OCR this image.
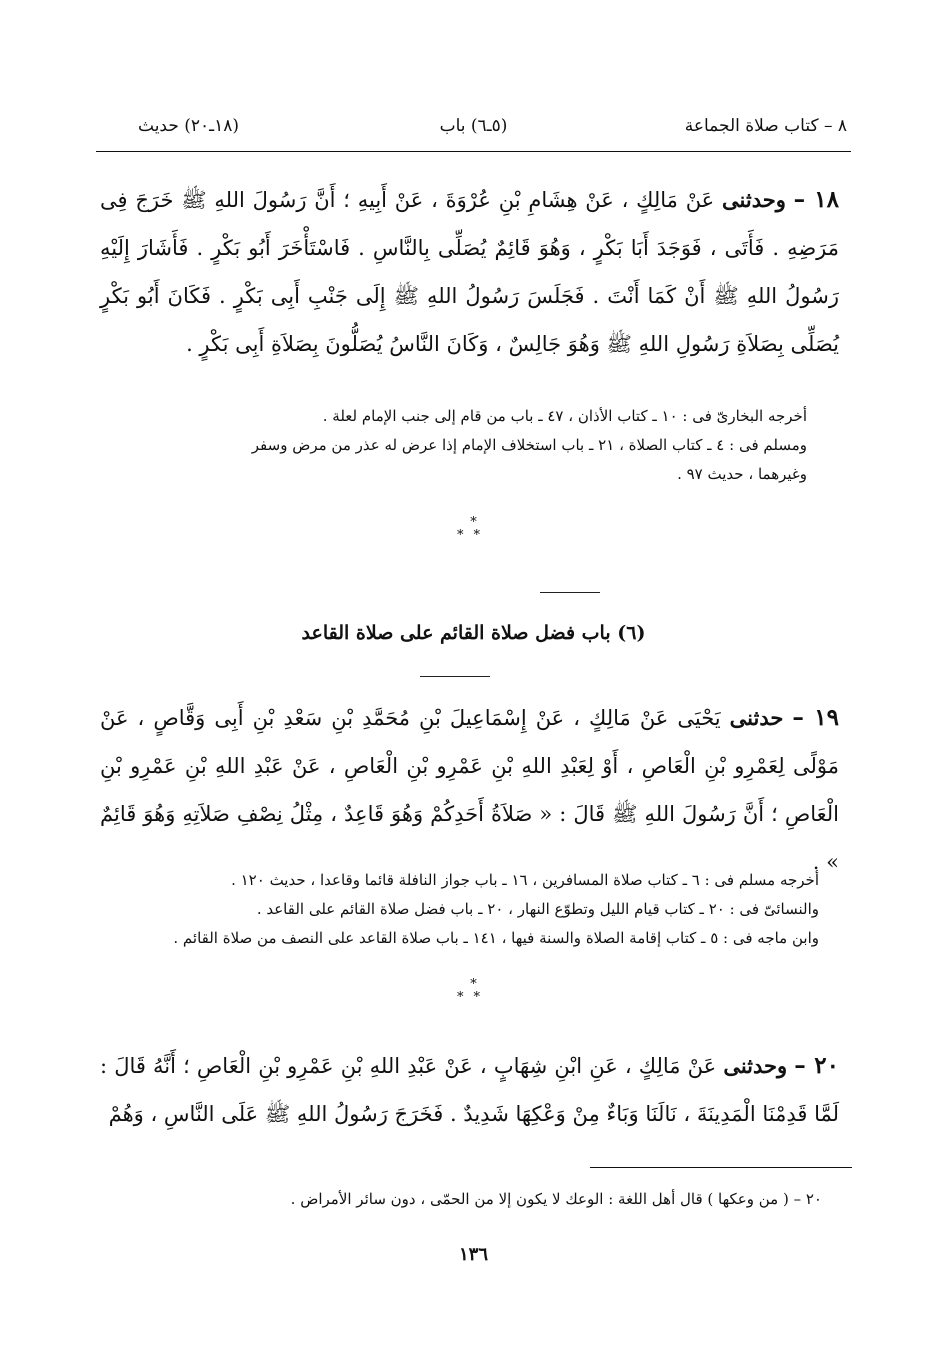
٨ – كتاب صلاة الجماعة
(٥ـ٦) باب
(١٨ـ٢٠) حديث

١٨ – وحدثنى عَنْ مَالِكٍ ، عَنْ هِشَامِ بْنِ عُرْوَةَ ، عَنْ أَبِيهِ ؛ أَنَّ رَسُولَ اللهِ ﷺ خَرَجَ فِى مَرَضِهِ . فَأَتَى ، فَوَجَدَ أَبَا بَكْرٍ ، وَهُوَ قَائِمٌ يُصَلِّى بِالنَّاسِ . فَاسْتَأْخَرَ أَبُو بَكْرٍ . فَأَشَارَ إِلَيْهِ رَسُولُ اللهِ ﷺ أَنْ كَمَا أَنْتَ . فَجَلَسَ رَسُولُ اللهِ ﷺ إِلَى جَنْبِ أَبِى بَكْرٍ . فَكَانَ أَبُو بَكْرٍ يُصَلِّى بِصَلاَةِ رَسُولِ اللهِ ﷺ وَهُوَ جَالِسٌ ، وَكَانَ النَّاسُ يُصَلُّونَ بِصَلاَةِ أَبِى بَكْرٍ .

أخرجه البخارىّ فى : ١٠ ـ كتاب الأذان ، ٤٧ ـ باب من قام إلى جنب الإمام لعلة .
ومسلم فى : ٤ ـ كتاب الصلاة ، ٢١ ـ باب استخلاف الإمام إذا عرض له عذر من مرض وسفر
وغيرهما ، حديث ٩٧ .
*
**
(٦) باب فضل صلاة القائم على صلاة القاعد

١٩ – حدثنى يَحْيَى عَنْ مَالِكٍ ، عَنْ إِسْمَاعِيلَ بْنِ مُحَمَّدِ بْنِ سَعْدِ بْنِ أَبِى وَقَّاصٍ ، عَنْ مَوْلًى لِعَمْرِو بْنِ الْعَاصِ ، أَوْ لِعَبْدِ اللهِ بْنِ عَمْرِو بْنِ الْعَاصِ ، عَنْ عَبْدِ اللهِ بْنِ عَمْرِو بْنِ الْعَاصِ ؛ أَنَّ رَسُولَ اللهِ ﷺ قَالَ : « صَلاَةُ أَحَدِكُمْ وَهُوَ قَاعِدٌ ، مِثْلُ نِصْفِ صَلاَتِهِ وَهُوَ قَائِمٌ » .

أخرجه مسلم فى : ٦ ـ كتاب صلاة المسافرين ، ١٦ ـ باب جواز النافلة قائما وقاعدا ، حديث ١٢٠ .
والنسائىّ فى : ٢٠ ـ كتاب قيام الليل وتطوّع النهار ، ٢٠ ـ باب فضل صلاة القائم على القاعد .
وابن ماجه فى : ٥ ـ كتاب إقامة الصلاة والسنة فيها ، ١٤١ ـ باب صلاة القاعد على النصف من صلاة القائم .
*
**

٢٠ – وحدثنى عَنْ مَالِكٍ ، عَنِ ابْنِ شِهَابٍ ، عَنْ عَبْدِ اللهِ بْنِ عَمْرِو بْنِ الْعَاصِ ؛ أَنَّهُ قَالَ : لَمَّا قَدِمْنَا الْمَدِينَةَ ، نَالَنَا وَبَاءٌ مِنْ وَعْكِهَا شَدِيدٌ . فَخَرَجَ رَسُولُ اللهِ ﷺ عَلَى النَّاسِ ، وَهُمْ

٢٠ – ( من وعكها ) قال أهل اللغة : الوعك لا يكون إلا من الحمّى ، دون سائر الأمراض .
١٣٦
